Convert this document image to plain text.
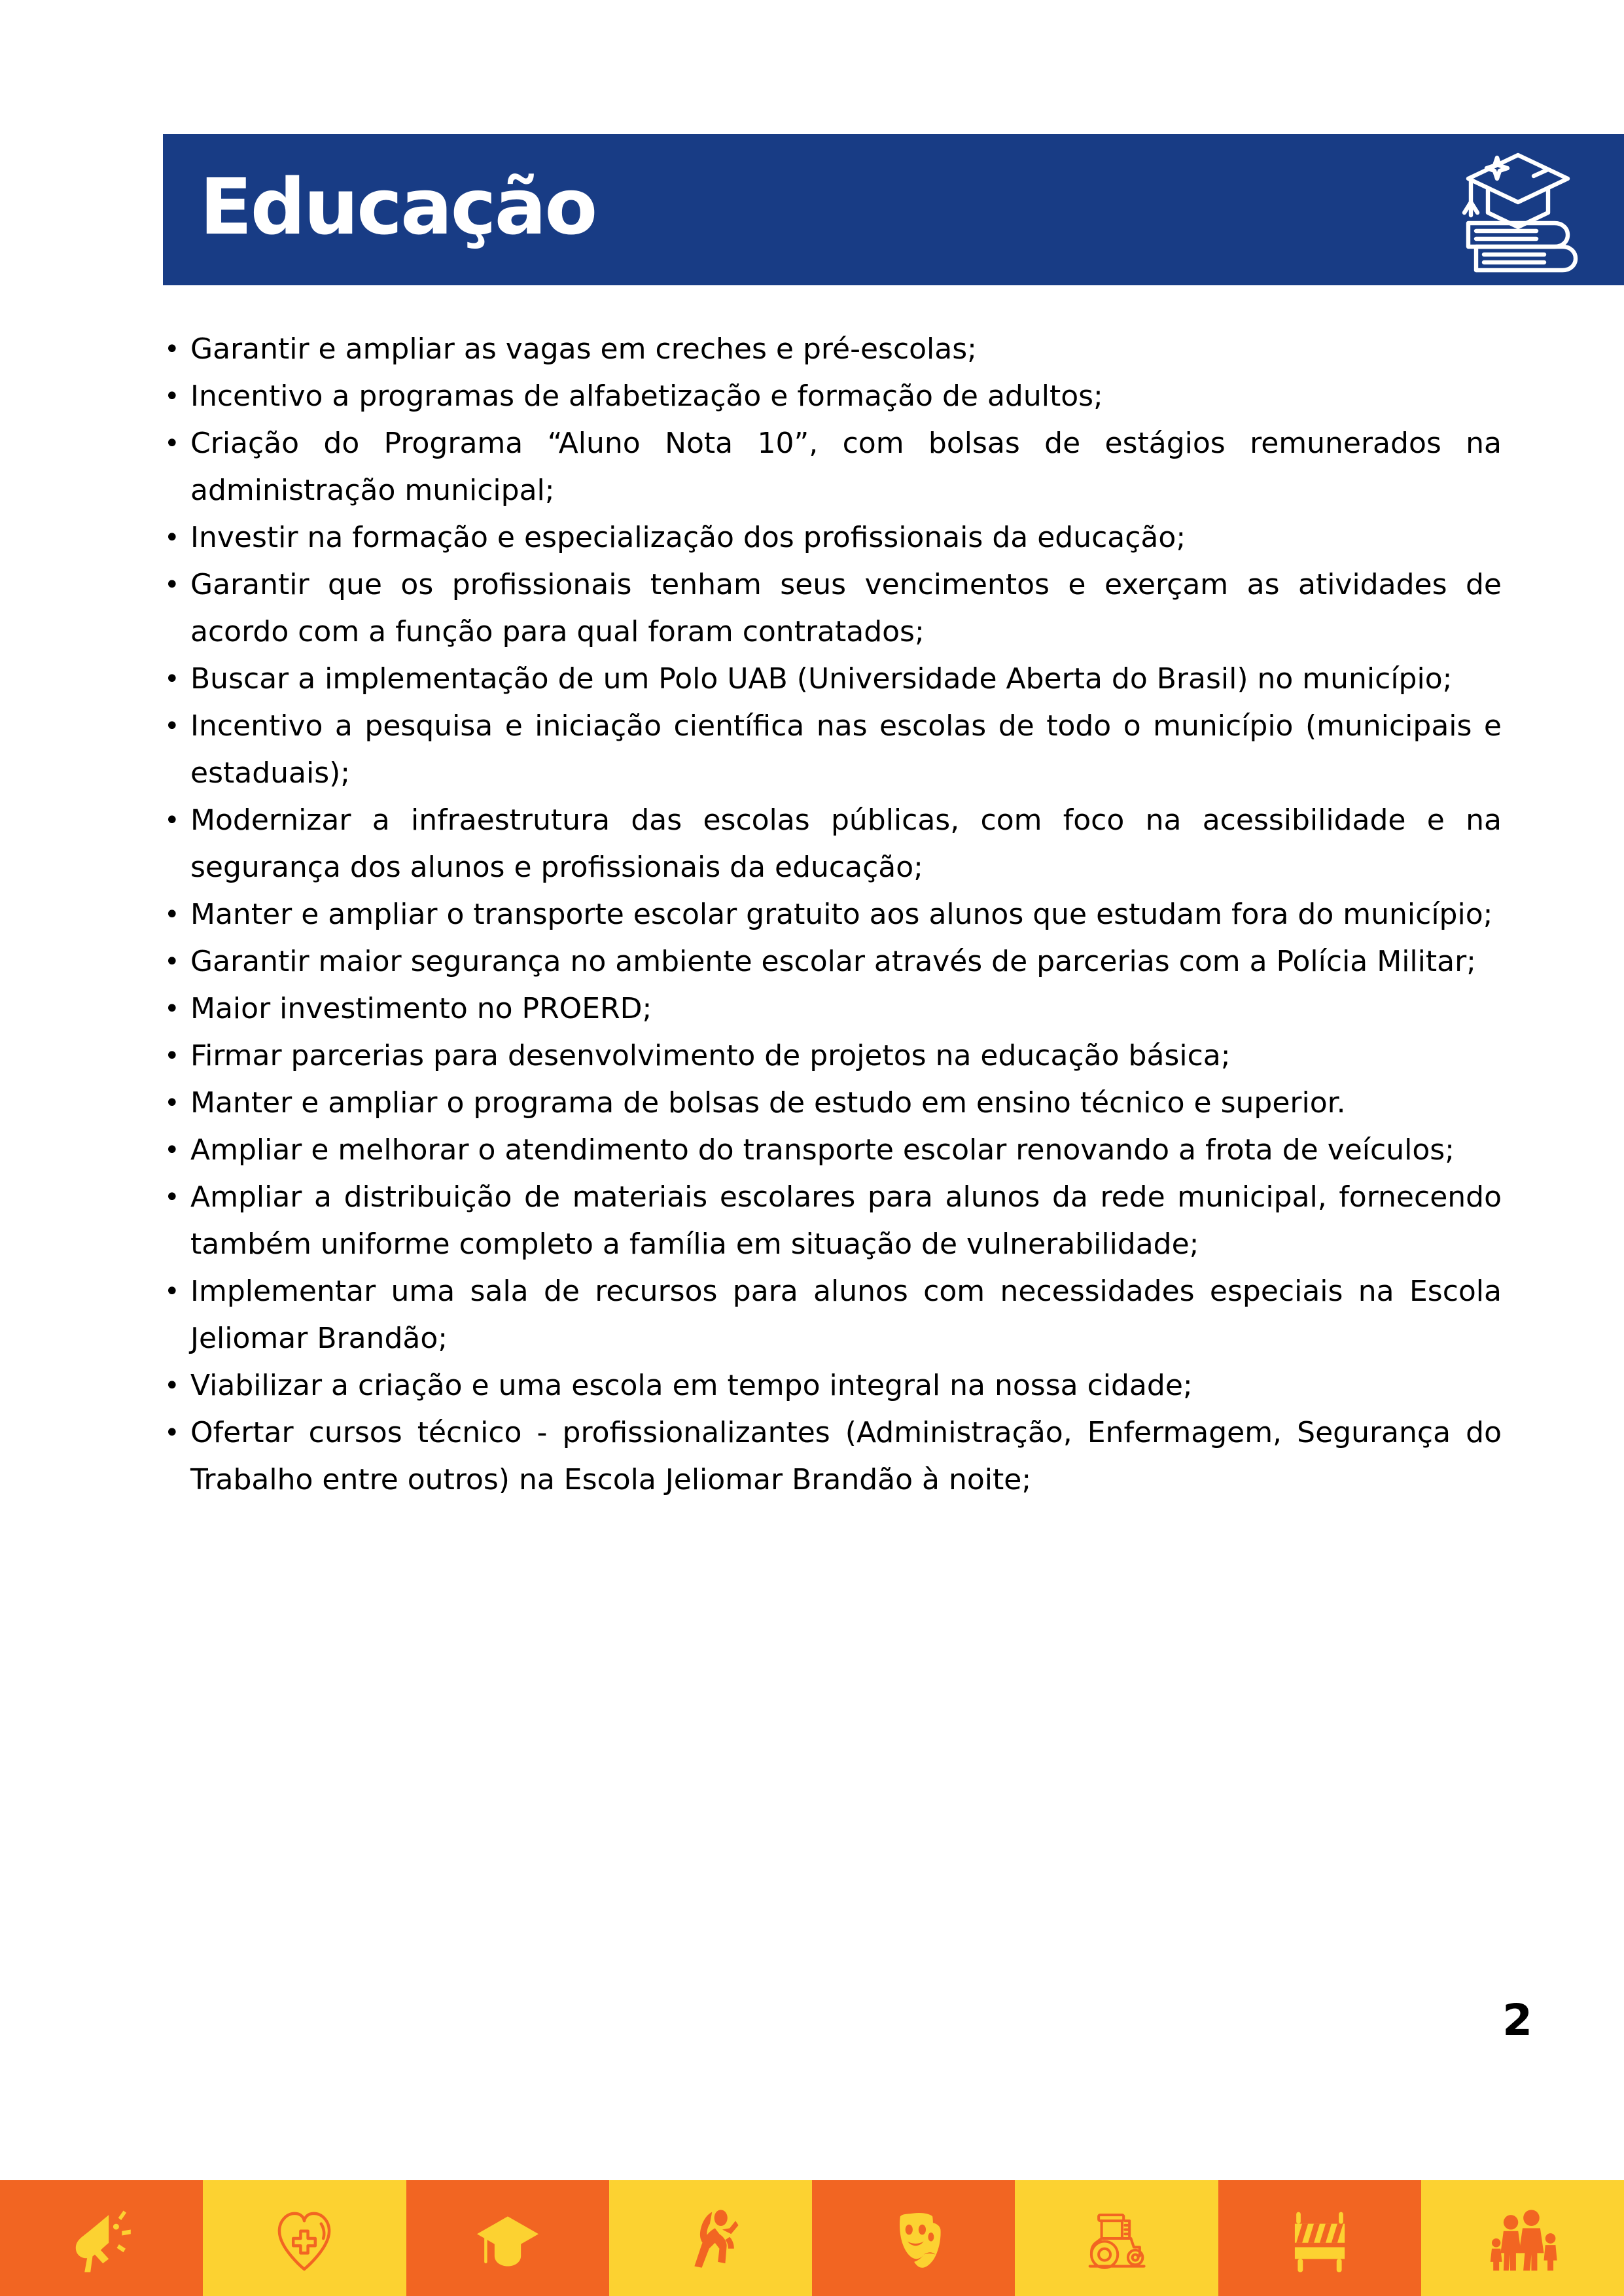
Educação
• Garantir e ampliar as vagas em creches e pré-escolas;
• Incentivo a programas de alfabetização e formação de adultos;
• Criação do Programa “Aluno Nota 10”, com bolsas de estágios remunerados na administração municipal;
• Investir na formação e especialização dos profissionais da educação;
• Garantir que os profissionais tenham seus vencimentos e exerçam as atividades de acordo com a função para qual foram contratados;
• Buscar a implementação de um Polo UAB (Universidade Aberta do Brasil) no município;
• Incentivo a pesquisa e iniciação científica nas escolas de todo o município (municipais e estaduais);
• Modernizar a infraestrutura das escolas públicas, com foco na acessibilidade e na segurança dos alunos e profissionais da educação;
• Manter e ampliar o transporte escolar gratuito aos alunos que estudam fora do município;
• Garantir maior segurança no ambiente escolar através de parcerias com a Polícia Militar;
• Maior investimento no PROERD;
• Firmar parcerias para desenvolvimento de projetos na educação básica;
• Manter e ampliar o programa de bolsas de estudo em ensino técnico e superior.
• Ampliar e melhorar o atendimento do transporte escolar renovando a frota de veículos;
• Ampliar a distribuição de materiais escolares para alunos da rede municipal, fornecendo também uniforme completo a família em situação de vulnerabilidade;
• Implementar uma sala de recursos para alunos com necessidades especiais na Escola Jeliomar Brandão;
• Viabilizar a criação e uma escola em tempo integral na nossa cidade;
• Ofertar cursos técnico - profissionalizantes (Administração, Enfermagem, Segurança do Trabalho entre outros) na Escola Jeliomar Brandão à noite;
2
